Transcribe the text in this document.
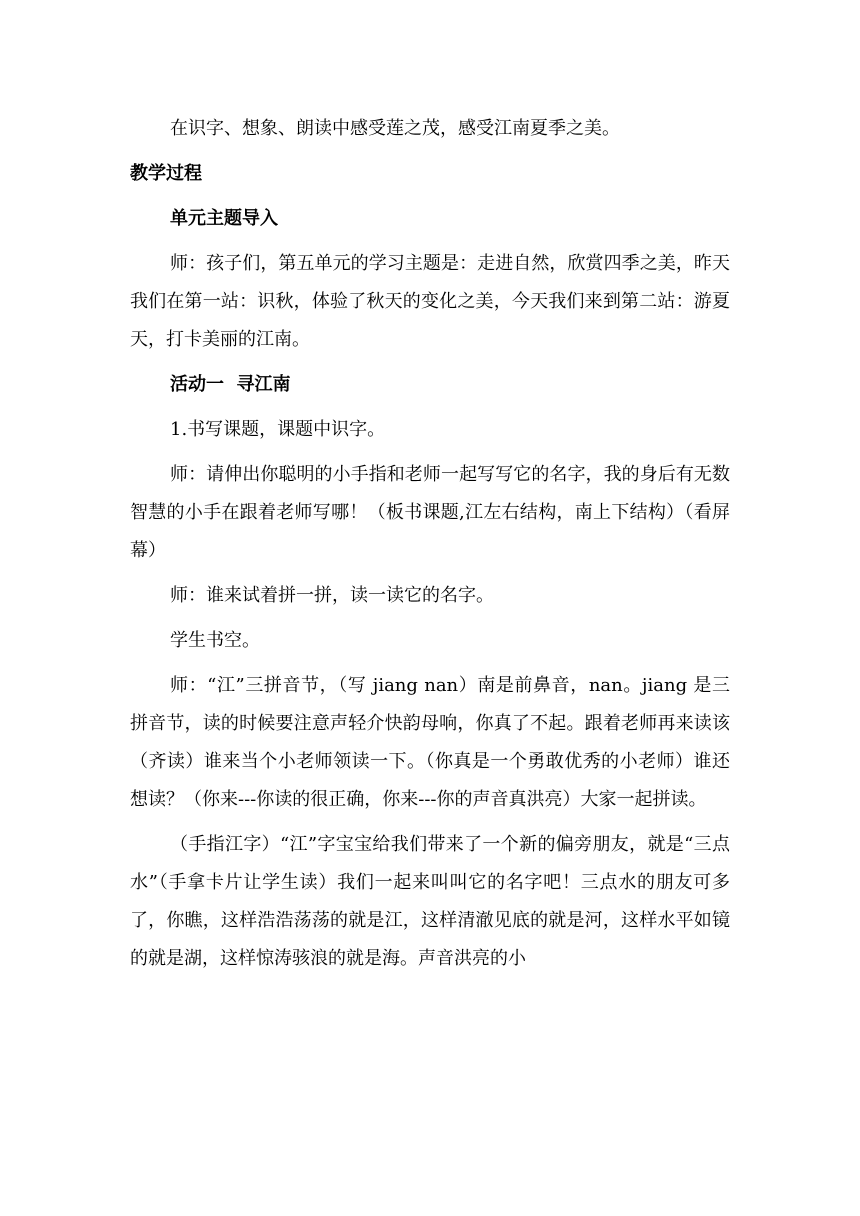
在识字、想象、朗读中感受莲之茂，感受江南夏季之美。

教学过程

单元主题导入

师：孩子们，第五单元的学习主题是：走进自然，欣赏四季之美，昨天我们在第一站：识秋，体验了秋天的变化之美，今天我们来到第二站：游夏天，打卡美丽的江南。

活动一  寻江南

1.书写课题，课题中识字。

师：请伸出你聪明的小手指和老师一起写写它的名字，我的身后有无数智慧的小手在跟着老师写哪！（板书课题,江左右结构，南上下结构）（看屏幕）

师：谁来试着拼一拼，读一读它的名字。

学生书空。

师：“江”三拼音节，（写 jiang nan）南是前鼻音，nan。jiang 是三拼音节，读的时候要注意声轻介快韵母响，你真了不起。跟着老师再来读该（齐读）谁来当个小老师领读一下。（你真是一个勇敢优秀的小老师）谁还想读？（你来---你读的很正确，你来---你的声音真洪亮）大家一起拼读。

（手指江字）“江”字宝宝给我们带来了一个新的偏旁朋友，就是“三点水”（手拿卡片让学生读）我们一起来叫叫它的名字吧！三点水的朋友可多了，你瞧，这样浩浩荡荡的就是江，这样清澈见底的就是河，这样水平如镜的就是湖，这样惊涛骇浪的就是海。声音洪亮的小
